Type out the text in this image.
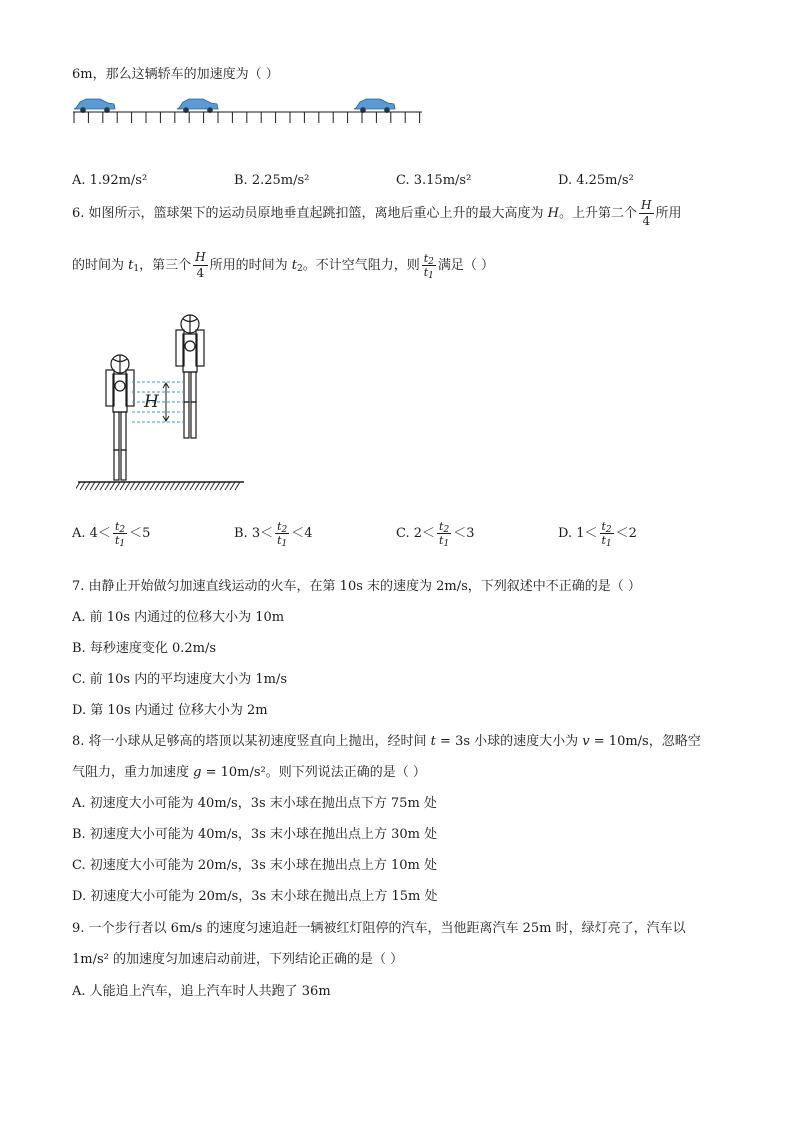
6m，那么这辆轿车的加速度为（ ）
A. 1.92m/s²	B. 2.25m/s²	C. 3.15m/s²	D. 4.25m/s²
6. 如图所示，篮球架下的运动员原地垂直起跳扣篮，离地后重心上升的最大高度为 H。上升第二个 $\frac{H}{4}$ 所用
的时间为 $t_1$，第三个 $\frac{H}{4}$ 所用的时间为 $t_2$。不计空气阻力，则 $\frac{t_2}{t_1}$ 满足（ ）
H
A. $4< \frac{t_2}{t_1} <5$	B. $3< \frac{t_2}{t_1} <4$	C. $2< \frac{t_2}{t_1} <3$	D. $1< \frac{t_2}{t_1} <2$
7. 由静止开始做匀加速直线运动的火车，在第 10s 末的速度为 2m/s，下列叙述中不正确的是（ ）
A. 前 10s 内通过的位移大小为 10m
B. 每秒速度变化 0.2m/s
C. 前 10s 内的平均速度大小为 1m/s
D. 第 10s 内通过 位移大小为 2m
8. 将一小球从足够高的塔顶以某初速度竖直向上抛出，经时间 t = 3s 小球的速度大小为 v = 10m/s，忽略空
气阻力，重力加速度 g = 10m/s²。则下列说法正确的是（ ）
A. 初速度大小可能为 40m/s，3s 末小球在抛出点下方 75m 处
B. 初速度大小可能为 40m/s，3s 末小球在抛出点上方 30m 处
C. 初速度大小可能为 20m/s，3s 末小球在抛出点上方 10m 处
D. 初速度大小可能为 20m/s，3s 末小球在抛出点上方 15m 处
9. 一个步行者以 6m/s 的速度匀速追赶一辆被红灯阻停的汽车，当他距离汽车 25m 时，绿灯亮了，汽车以
1m/s² 的加速度匀加速启动前进，下列结论正确的是（ ）
A. 人能追上汽车，追上汽车时人共跑了 36m
